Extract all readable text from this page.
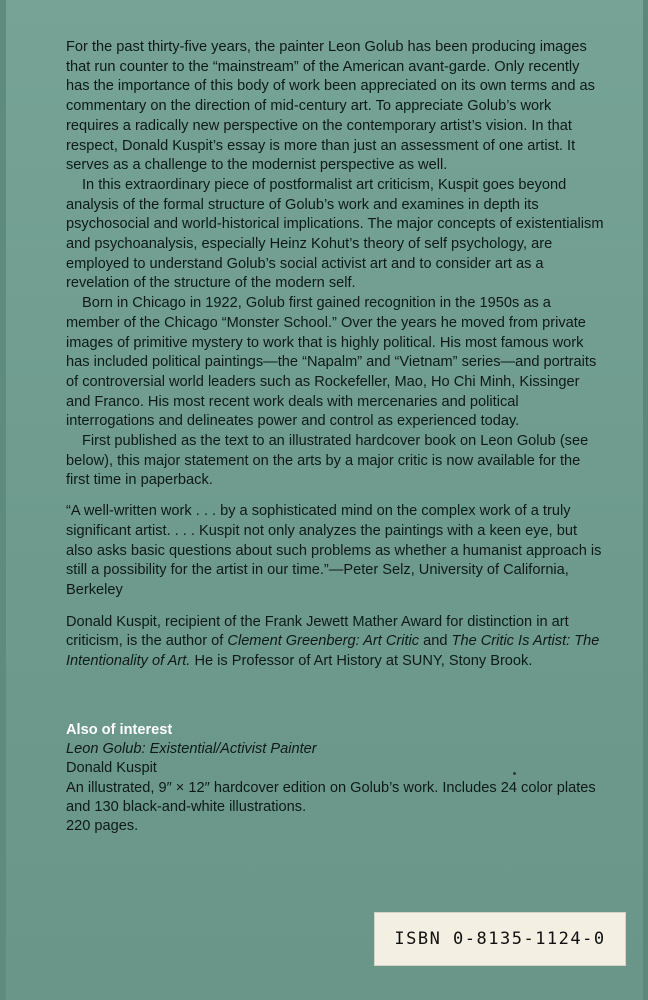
For the past thirty-five years, the painter Leon Golub has been producing images that run counter to the “mainstream” of the American avant-garde. Only recently has the importance of this body of work been appreciated on its own terms and as commentary on the direction of mid-century art. To appreciate Golub’s work requires a radically new perspective on the contemporary artist’s vision. In that respect, Donald Kuspit’s essay is more than just an assessment of one artist. It serves as a challenge to the modernist perspective as well.

In this extraordinary piece of postformalist art criticism, Kuspit goes beyond analysis of the formal structure of Golub’s work and examines in depth its psychosocial and world-historical implications. The major concepts of existentialism and psychoanalysis, especially Heinz Kohut’s theory of self psychology, are employed to understand Golub’s social activist art and to consider art as a revelation of the structure of the modern self.

Born in Chicago in 1922, Golub first gained recognition in the 1950s as a member of the Chicago “Monster School.” Over the years he moved from private images of primitive mystery to work that is highly political. His most famous work has included political paintings—the “Napalm” and “Vietnam” series—and portraits of controversial world leaders such as Rockefeller, Mao, Ho Chi Minh, Kissinger and Franco. His most recent work deals with mercenaries and political interrogations and delineates power and control as experienced today.

First published as the text to an illustrated hardcover book on Leon Golub (see below), this major statement on the arts by a major critic is now available for the first time in paperback.

“A well-written work . . . by a sophisticated mind on the complex work of a truly significant artist. . . . Kuspit not only analyzes the paintings with a keen eye, but also asks basic questions about such problems as whether a humanist approach is still a possibility for the artist in our time.”—Peter Selz, University of California, Berkeley

Donald Kuspit, recipient of the Frank Jewett Mather Award for distinction in art criticism, is the author of Clement Greenberg: Art Critic and The Critic Is Artist: The Intentionality of Art. He is Professor of Art History at SUNY, Stony Brook.

Also of interest
Leon Golub: Existential/Activist Painter
Donald Kuspit
An illustrated, 9″ × 12″ hardcover edition on Golub’s work. Includes 24 color plates and 130 black-and-white illustrations.
220 pages.
ISBN 0-8135-1124-0
